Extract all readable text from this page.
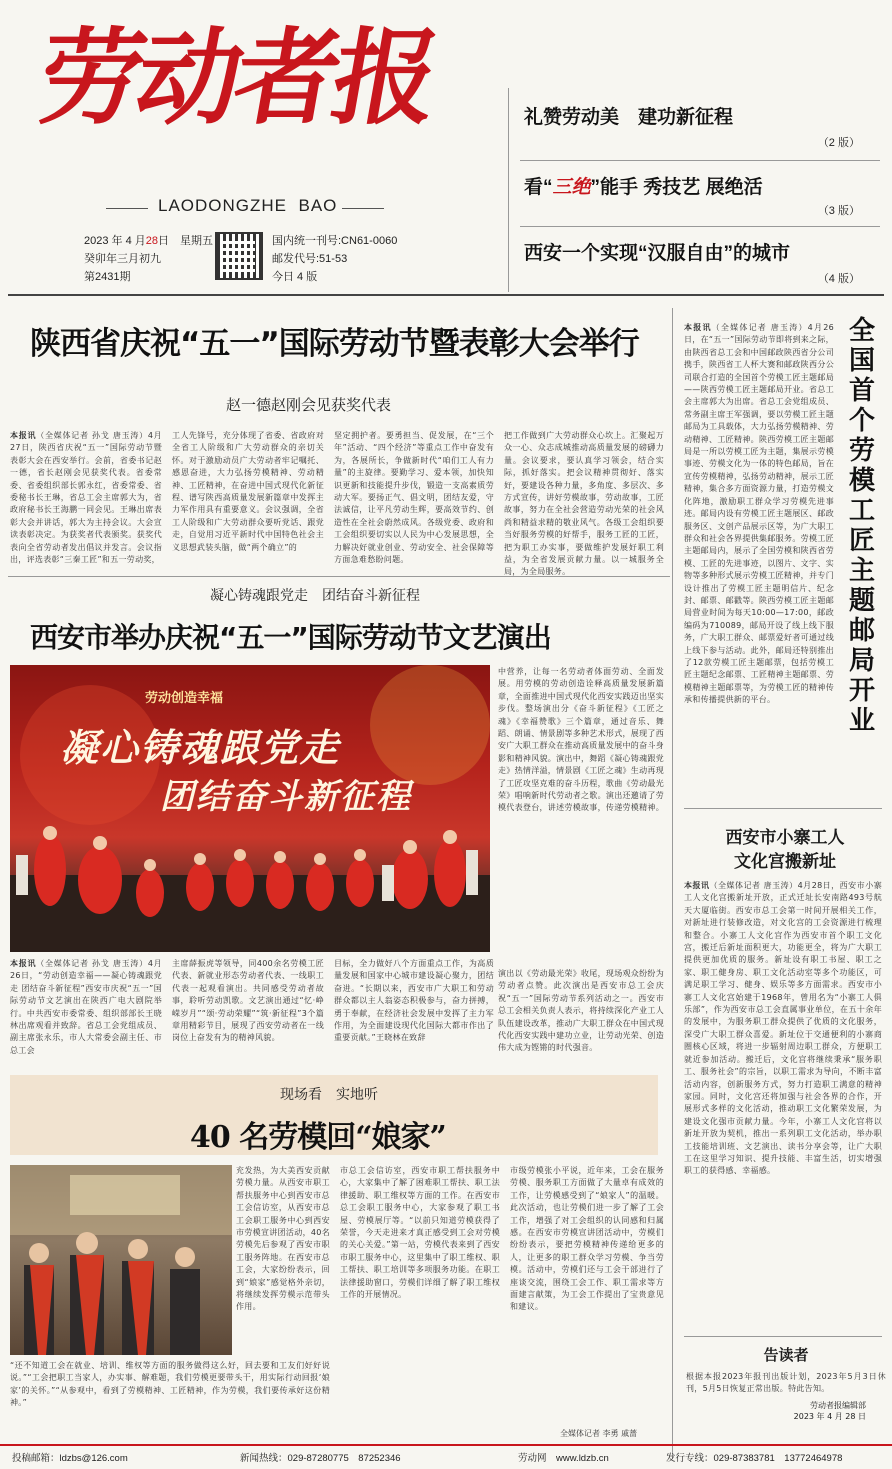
劳动者报
LAODONGZHE BAO
2023 年 4 月28日　星期五
癸卯年三月初九
第2431期
国内统一刊号:CN61-0060
邮发代号:51-53
今日 4 版
礼赞劳动美　建功新征程
（2 版）
看“三绝”能手 秀技艺 展绝活
（3 版）
西安一个实现“汉服自由”的城市
（4 版）
陕西省庆祝“五一”国际劳动节暨表彰大会举行
赵一德赵刚会见获奖代表
本报讯（全媒体记者 孙戈 唐玉涛）4月27日，陕西省庆祝“五一”国际劳动节暨表彰大会在西安举行。会前，省委书记赵一德，省长赵刚会见获奖代表。省委常委、省委组织部长郭永红，省委常委、省委秘书长王琳，省总工会主席郭大为，省政府秘书长王海鹏一同会见。王琳出席表彰大会并讲话，郭大为主持会议。大会宣读表彰决定。为获奖者代表颁奖。获奖代表向全省劳动者发出倡议并发言。会议指出，评选表彰“三秦工匠”和五一劳动奖，
工人先锋号，充分体现了省委、省政府对全省工人阶级和广大劳动群众的亲切关怀。对于激励动员广大劳动者牢记嘱托、感恩奋进，大力弘扬劳模精神、劳动精神、工匠精神，在奋进中国式现代化新征程、谱写陕西高质量发展新篇章中发挥主力军作用具有重要意义。会议强调，全省工人阶级和广大劳动群众要听党话、跟党走，自觉用习近平新时代中国特色社会主义思想武装头脑，做“两个确立”的
坚定拥护者。要勇担当、促发展，在“三个年”活动、“四个经济”等重点工作中奋发有为，各展所长，争做新时代“咱们工人有力量”的主旋律。要勤学习、爱本领，加快知识更新和技能提升步伐，锻造一支高素质劳动大军。要扬正气、倡文明，团结友爱，守法诚信，让平凡劳动生辉，要高效节约、创造性在全社会蔚然成风。各级党委、政府和工会组织要切实以人民为中心发展思想，全力解决好就业创业、劳动安全、社会保障等方面急难愁盼问题。
把工作做到广大劳动群众心坎上。汇聚起万众一心、众志成城推动高质量发展的磅礴力量。会议要求，要认真学习领会，结合实际，抓好落实。把会议精神贯彻好、落实好，要建设各种力量，多角度、多层次、多方式宣传，讲好劳模故事，劳动故事，工匠故事，努力在全社会营造劳动光荣的社会风尚和精益求精的敬业风气。各级工会组织要当好服务劳模的好帮手，服务工匠的工匠，把为职工办实事，要做维护发展好职工利益，为全省发展贡献力量。以一城服务全局，为全局服务。
本报讯（全媒体记者 唐玉涛）4月26日，在“五一”国际劳动节即将到来之际，由陕西省总工会和中国邮政陕西省分公司携手，陕西省工人杯大赛和邮政陕西分公司联合打造的全国首个劳模工匠主题邮局——陕西劳模工匠主题邮局开业。省总工会主席郭大为出席。省总工会党组成员、常务副主席王军强调，要以劳模工匠主题邮局为工具载体，大力弘扬劳模精神、劳动精神、工匠精神。陕西劳模工匠主题邮局是一所以劳模工匠为主题，集展示劳模事迹、劳模文化为一体的特色邮局，旨在宣传劳模精神，弘扬劳动精神，展示工匠精神，集合多方面资源力量，打造劳模文化阵地，激励职工群众学习劳模先进事迹。邮局内设有劳模工匠主题展区、邮政服务区、文创产品展示区等，为广大职工群众和社会各界提供集邮服务。劳模工匠主题邮局内，展示了全国劳模和陕西省劳模、工匠的先进事迹，以图片、文字、实物等多种形式展示劳模工匠精神，并专门设计推出了劳模工匠主题明信片、纪念封、邮票、邮戳等。陕西劳模工匠主题邮局营业时间为每天10:00—17:00，邮政编码为710089，邮局开设了线上线下服务，广大职工群众、邮票爱好者可通过线上线下参与活动。此外，邮局还特别推出了12款劳模工匠主题邮票，包括劳模工匠主题纪念邮票、工匠精神主题邮票、劳模精神主题邮票等，为劳模工匠的精神传承和传播提供新的平台。
全国首个劳模工匠主题邮局开业
凝心铸魂跟党走　团结奋斗新征程
西安市举办庆祝“五一”国际劳动节文艺演出
劳动创造幸福
凝心铸魂跟党走
团结奋斗新征程
中营养，让每一名劳动者体面劳动、全面发展。用劳模的劳动创造诠释高质量发展新篇章，全面推进中国式现代化西安实践迈出坚实步伐。整场演出分《奋斗新征程》《工匠之魂》《幸福赞歌》三个篇章，通过音乐、舞蹈、朗诵、情景剧等多种艺术形式，展现了西安广大职工群众在推动高质量发展中的奋斗身影和精神风貌。演出中，舞蹈《凝心铸魂跟党走》热情洋溢，情景剧《工匠之魂》生动再现了工匠攻坚克难的奋斗历程，歌曲《劳动最光荣》唱响新时代劳动者之歌。演出还邀请了劳模代表登台，讲述劳模故事，传递劳模精神。
演出以《劳动最光荣》收尾，现场观众纷纷为劳动者点赞。此次演出是西安市总工会庆祝“五一”国际劳动节系列活动之一。西安市总工会相关负责人表示，将持续深化产业工人队伍建设改革，推动广大职工群众在中国式现代化西安实践中建功立业，让劳动光荣、创造伟大成为铿锵的时代强音。
本报讯（全媒体记者 孙戈 唐玉涛）4月26日，“劳动创造幸福——凝心铸魂跟党走 团结奋斗新征程”西安市庆祝“五一”国际劳动节文艺演出在陕西广电大剧院举行。中共西安市委常委、组织部部长王晓林出席观看并致辞。省总工会党组成员、副主席张永乐，市人大常委会副主任、市总工会
主席薛振虎等领导，同400余名劳模工匠代表、新就业形态劳动者代表、一线职工代表一起观看演出。共同感受劳动者故事，聆听劳动凯歌。文艺演出通过“忆·峥嵘岁月”“颂·劳动荣耀”“筑·新征程”3个篇章用精彩节目，展现了西安劳动者在一线岗位上奋发有为的精神风貌。
目标，全力做好八个方面重点工作，为高质量发展和国家中心城市建设凝心聚力，团结奋进。“长期以来，西安市广大职工和劳动群众都以主人翁姿态积极参与，奋力拼搏，勇于奉献，在经济社会发展中发挥了主力军作用，为全面建设现代化国际大都市作出了重要贡献。”王晓林在致辞
西安市小寨工人
文化宫搬新址
本报讯（全媒体记者 唐玉涛）4月28日，西安市小寨工人文化宫搬新址开放，正式迁址长安南路493号航天大厦临街。西安市总工会第一时间开展相关工作，对新址进行装修改造，对文化宫的工会资源进行梳理和整合。小寨工人文化宫作为西安市首个职工文化宫，搬迁后新址面积更大，功能更全，将为广大职工提供更加优质的服务。新址设有职工书屋、职工之家、职工健身房、职工文化活动室等多个功能区，可满足职工学习、健身、娱乐等多方面需求。西安市小寨工人文化宫始建于1968年，曾用名为“小寨工人俱乐部”，作为西安市总工会直属事业单位，在五十余年的发展中，为服务职工群众提供了优质的文化服务，深受广大职工群众喜爱。新址位于交通便利的小寨商圈核心区域，将进一步辐射周边职工群众，方便职工就近参加活动。搬迁后，文化宫将继续秉承“服务职工、服务社会”的宗旨，以职工需求为导向，不断丰富活动内容，创新服务方式，努力打造职工满意的精神家园。同时，文化宫还将加强与社会各界的合作，开展形式多样的文化活动，推动职工文化繁荣发展，为建设文化强市贡献力量。今年，小寨工人文化宫将以新址开放为契机，推出一系列职工文化活动，举办职工技能培训班、文艺演出、读书分享会等，让广大职工在这里学习知识、提升技能、丰富生活，切实增强职工的获得感、幸福感。
现场看　实地听
40 名劳模回“娘家”
充发热，为大美西安贡献劳模力量。从西安市职工帮扶服务中心到西安市总工会信访室，从西安市总工会职工服务中心到西安市劳模宣讲团活动，40名劳模先后参观了西安市职工服务阵地。在西安市总工会，大家纷纷表示，回到“娘家”感觉格外亲切，将继续发挥劳模示范带头作用。
“还不知道工会在就业、培训、维权等方面的服务做得这么好，回去要和工友们好好说说。”“工会把职工当家人，办实事、解难题，我们劳模更要带头干，用实际行动回报‘娘家’的关怀。”“从参观中，看到了劳模精神、工匠精神，作为劳模，我们要传承好这份精神。”
市总工会信访室，西安市职工帮扶服务中心，大家集中了解了困难职工帮扶、职工法律援助、职工维权等方面的工作。在西安市总工会职工服务中心，大家参观了职工书屋、劳模展厅等。“以前只知道劳模获得了荣誉，今天走进来才真正感受到工会对劳模的关心关爱。”第一站，劳模代表来到了西安市职工服务中心，这里集中了职工维权、职工帮扶、职工培训等多项服务功能。在职工法律援助窗口，劳模们详细了解了职工维权工作的开展情况。
市级劳模张小平说，近年来，工会在服务劳模、服务职工方面做了大量卓有成效的工作，让劳模感受到了“娘家人”的温暖。此次活动，也让劳模们进一步了解了工会工作，增强了对工会组织的认同感和归属感。在西安市劳模宣讲团活动中，劳模们纷纷表示，要把劳模精神传递给更多的人，让更多的职工群众学习劳模、争当劳模。活动中，劳模们还与工会干部进行了座谈交流，围绕工会工作、职工需求等方面建言献策，为工会工作提出了宝贵意见和建议。
全媒体记者 李勇 戚蔷
告读者
根据本报2023年报刊出版计划，2023年5月3日休刊，5月5日恢复正常出版。特此告知。
劳动者报编辑部
2023 年 4 月 28 日
投稿邮箱：ldzbs@126.com	新闻热线：029-87280775　87252346	劳动网　www.ldzb.cn	发行专线：029-87383781　13772464978
